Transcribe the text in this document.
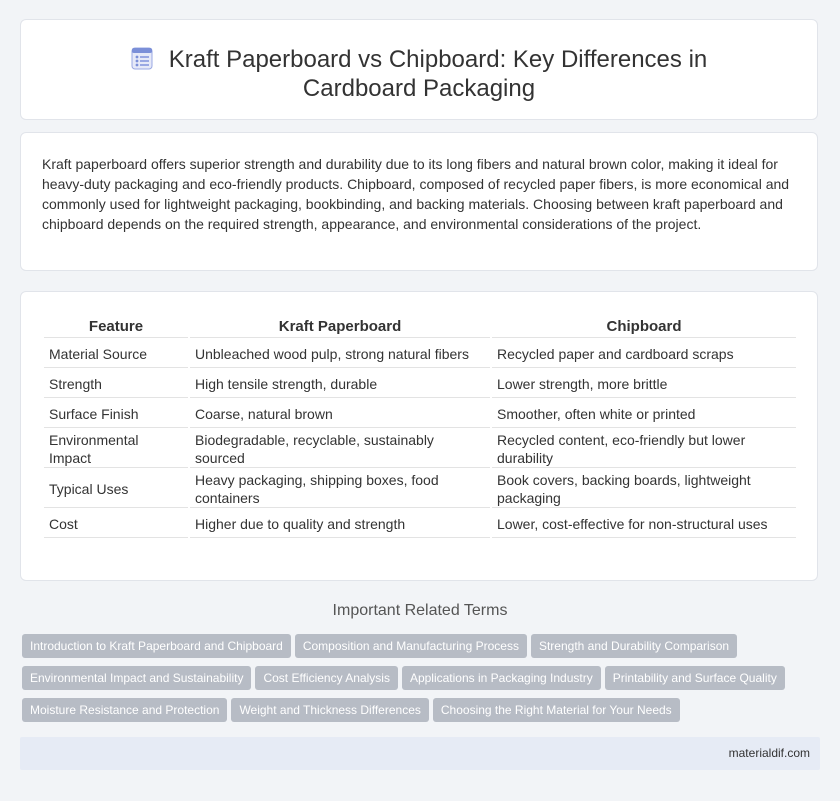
Kraft Paperboard vs Chipboard: Key Differences in Cardboard Packaging

Kraft paperboard offers superior strength and durability due to its long fibers and natural brown color, making it ideal for heavy-duty packaging and eco-friendly products. Chipboard, composed of recycled paper fibers, is more economical and commonly used for lightweight packaging, bookbinding, and backing materials. Choosing between kraft paperboard and chipboard depends on the required strength, appearance, and environmental considerations of the project.

Feature	Kraft Paperboard	Chipboard
Material Source	Unbleached wood pulp, strong natural fibers	Recycled paper and cardboard scraps
Strength	High tensile strength, durable	Lower strength, more brittle
Surface Finish	Coarse, natural brown	Smoother, often white or printed
Environmental Impact	Biodegradable, recyclable, sustainably sourced	Recycled content, eco-friendly but lower durability
Typical Uses	Heavy packaging, shipping boxes, food containers	Book covers, backing boards, lightweight packaging
Cost	Higher due to quality and strength	Lower, cost-effective for non-structural uses
Important Related Terms
Introduction to Kraft Paperboard and Chipboard Composition and Manufacturing Process Strength and Durability Comparison
Environmental Impact and Sustainability Cost Efficiency Analysis Applications in Packaging Industry Printability and Surface Quality
Moisture Resistance and Protection Weight and Thickness Differences Choosing the Right Material for Your Needs
materialdif.com
